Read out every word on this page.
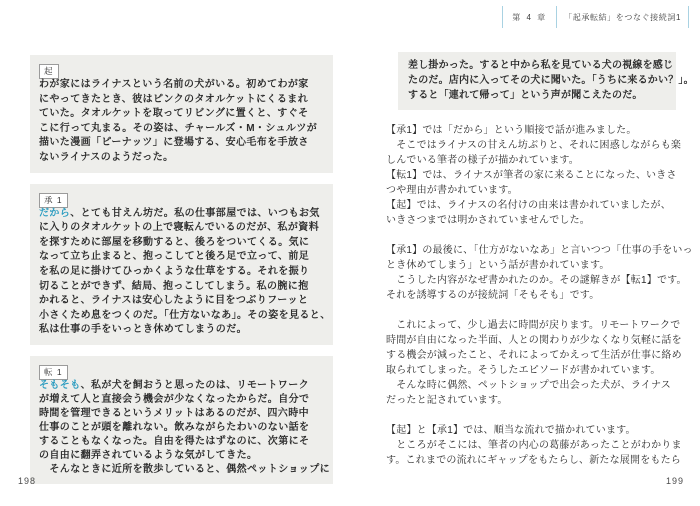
第 4 章 「起承転結」をつなぐ接続詞1
起
わが家にはライナスという名前の犬がいる。初めてわが家
にやってきたとき、彼はピンクのタオルケットにくるまれ
ていた。タオルケットを取ってリビングに置くと、すぐそ
こに行って丸まる。その姿は、チャールズ・M・シュルツが
描いた漫画「ピーナッツ」に登場する、安心毛布を手放さ
ないライナスのようだった。
承 1
だから、とても甘えん坊だ。私の仕事部屋では、いつもお気
に入りのタオルケットの上で寝転んでいるのだが、私が資料
を探すために部屋を移動すると、後ろをついてくる。気に
なって立ち止まると、抱っこしてと後ろ足で立って、前足
を私の足に掛けてひっかくような仕草をする。それを振り
切ることができず、結局、抱っこしてしまう。私の腕に抱
かれると、ライナスは安心したように目をつぶりフーッと
小さくため息をつくのだ。「仕方ないなあ」。その姿を見ると、
私は仕事の手をいっとき休めてしまうのだ。
転 1
そもそも、私が犬を飼おうと思ったのは、リモートワーク
が増えて人と直接会う機会が少なくなったからだ。自分で
時間を管理できるというメリットはあるのだが、四六時中
仕事のことが頭を離れない。飲みながらたわいのない話を
することもなくなった。自由を得たはずなのに、次第にそ
の自由に翻弄されているような気がしてきた。
　そんなときに近所を散歩していると、偶然ペットショップに
差し掛かった。すると中から私を見ている犬の視線を感じ
たのだ。店内に入ってその犬に聞いた。「うちに来るかい？」。
すると「連れて帰って」という声が聞こえたのだ。
【承1】では「だから」という順接で話が進みました。
　そこではライナスの甘えん坊ぶりと、それに困惑しながらも楽
しんでいる筆者の様子が描かれています。
【転1】では、ライナスが筆者の家に来ることになった、いきさ
つや理由が書かれています。
【起】では、ライナスの名付けの由来は書かれていましたが、
いきさつまでは明かされていませんでした。
【承1】の最後に、「仕方がないなあ」と言いつつ「仕事の手をいっ
とき休めてしまう」という話が書かれています。
　こうした内容がなぜ書かれたのか。その謎解きが【転1】です。
それを誘導するのが接続詞「そもそも」です。
　これによって、少し過去に時間が戻ります。リモートワークで
時間が自由になった半面、人との関わりが少なくなり気軽に話を
する機会が減ったこと、それによってかえって生活が仕事に絡め
取られてしまった。そうしたエピソードが書かれています。
　そんな時に偶然、ペットショップで出会った犬が、ライナス
だったと記されています。
【起】と【承1】では、順当な流れで描かれています。
　ところがそこには、筆者の内心の葛藤があったことがわかりま
す。これまでの流れにギャップをもたらし、新たな展開をもたら
198	199
